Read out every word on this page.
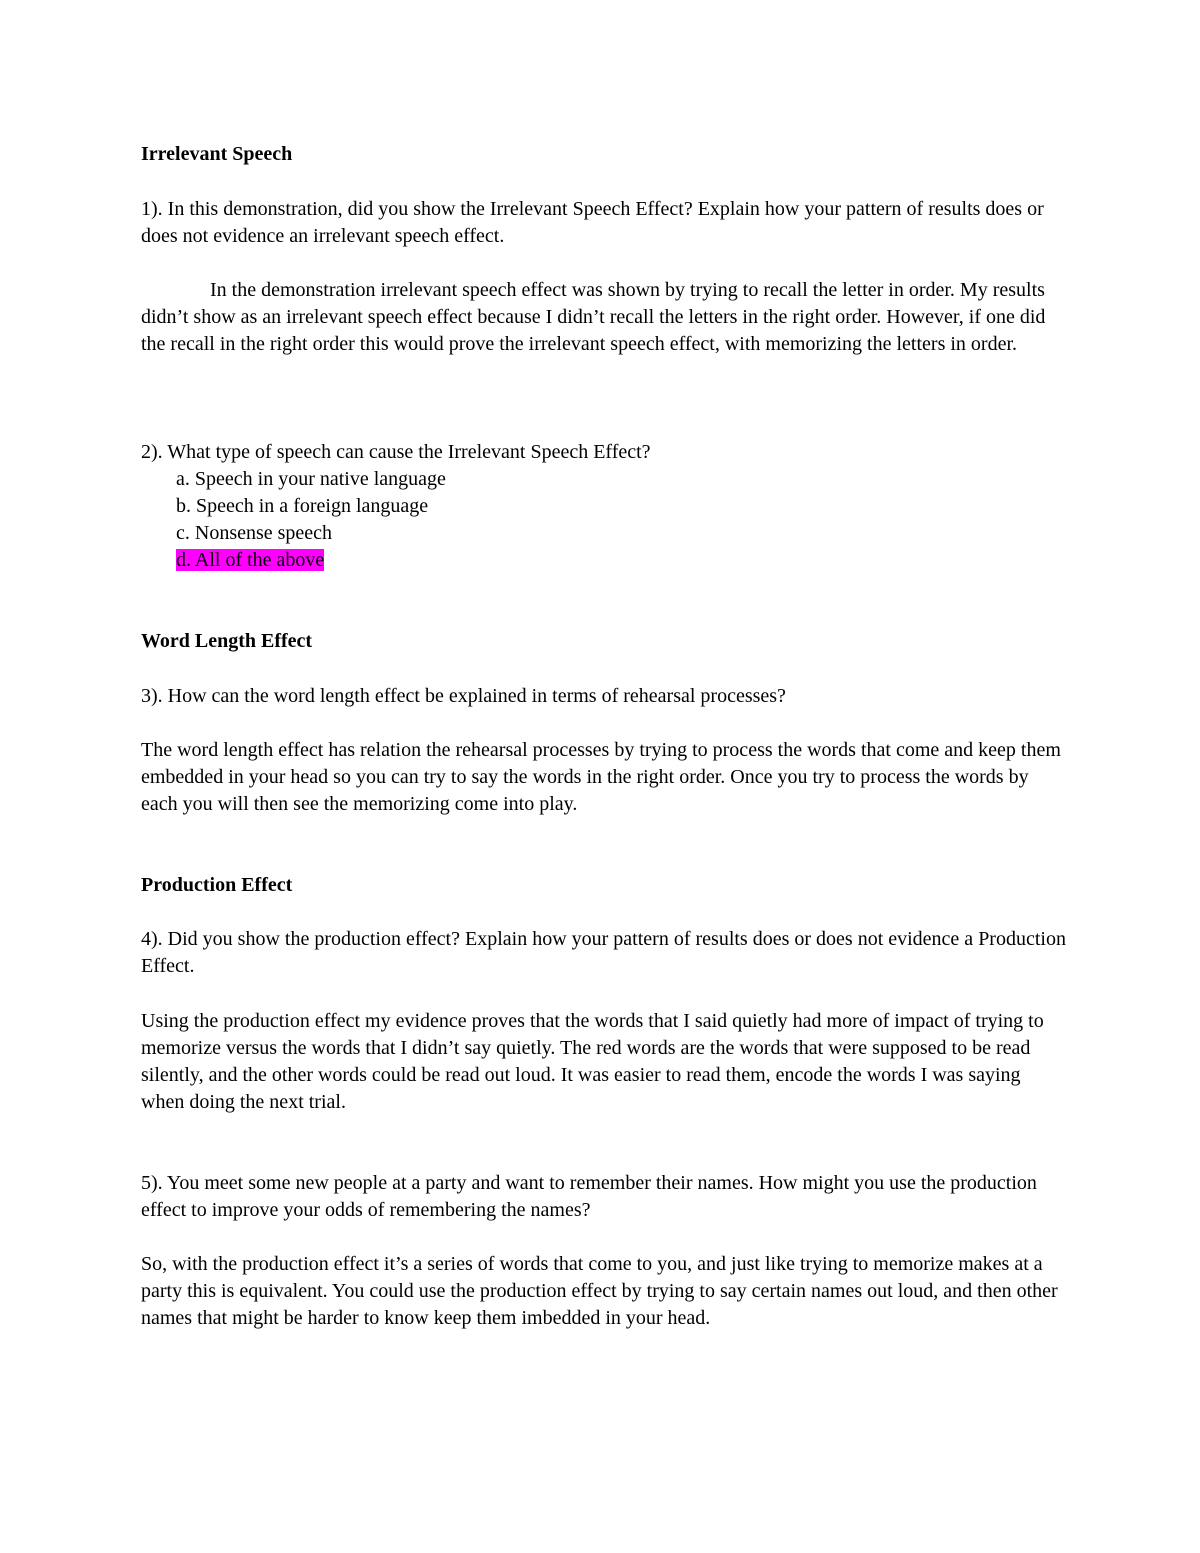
Irrelevant Speech

1). In this demonstration, did you show the Irrelevant Speech Effect? Explain how your pattern of results does or does not evidence an irrelevant speech effect.

In the demonstration irrelevant speech effect was shown by trying to recall the letter in order. My results didn’t show as an irrelevant speech effect because I didn’t recall the letters in the right order. However, if one did the recall in the right order this would prove the irrelevant speech effect, with memorizing the letters in order.

2). What type of speech can cause the Irrelevant Speech Effect?

a. Speech in your native language

b. Speech in a foreign language

c. Nonsense speech

d. All of the above

Word Length Effect

3). How can the word length effect be explained in terms of rehearsal processes?

The word length effect has relation the rehearsal processes by trying to process the words that come and keep them embedded in your head so you can try to say the words in the right order. Once you try to process the words by each you will then see the memorizing come into play.

Production Effect

4). Did you show the production effect? Explain how your pattern of results does or does not evidence a Production Effect.

Using the production effect my evidence proves that the words that I said quietly had more of impact of trying to memorize versus the words that I didn’t say quietly. The red words are the words that were supposed to be read silently, and the other words could be read out loud. It was easier to read them, encode the words I was saying when doing the next trial.

5). You meet some new people at a party and want to remember their names. How might you use the production effect to improve your odds of remembering the names?

So, with the production effect it’s a series of words that come to you, and just like trying to memorize makes at a party this is equivalent. You could use the production effect by trying to say certain names out loud, and then other names that might be harder to know keep them imbedded in your head.
